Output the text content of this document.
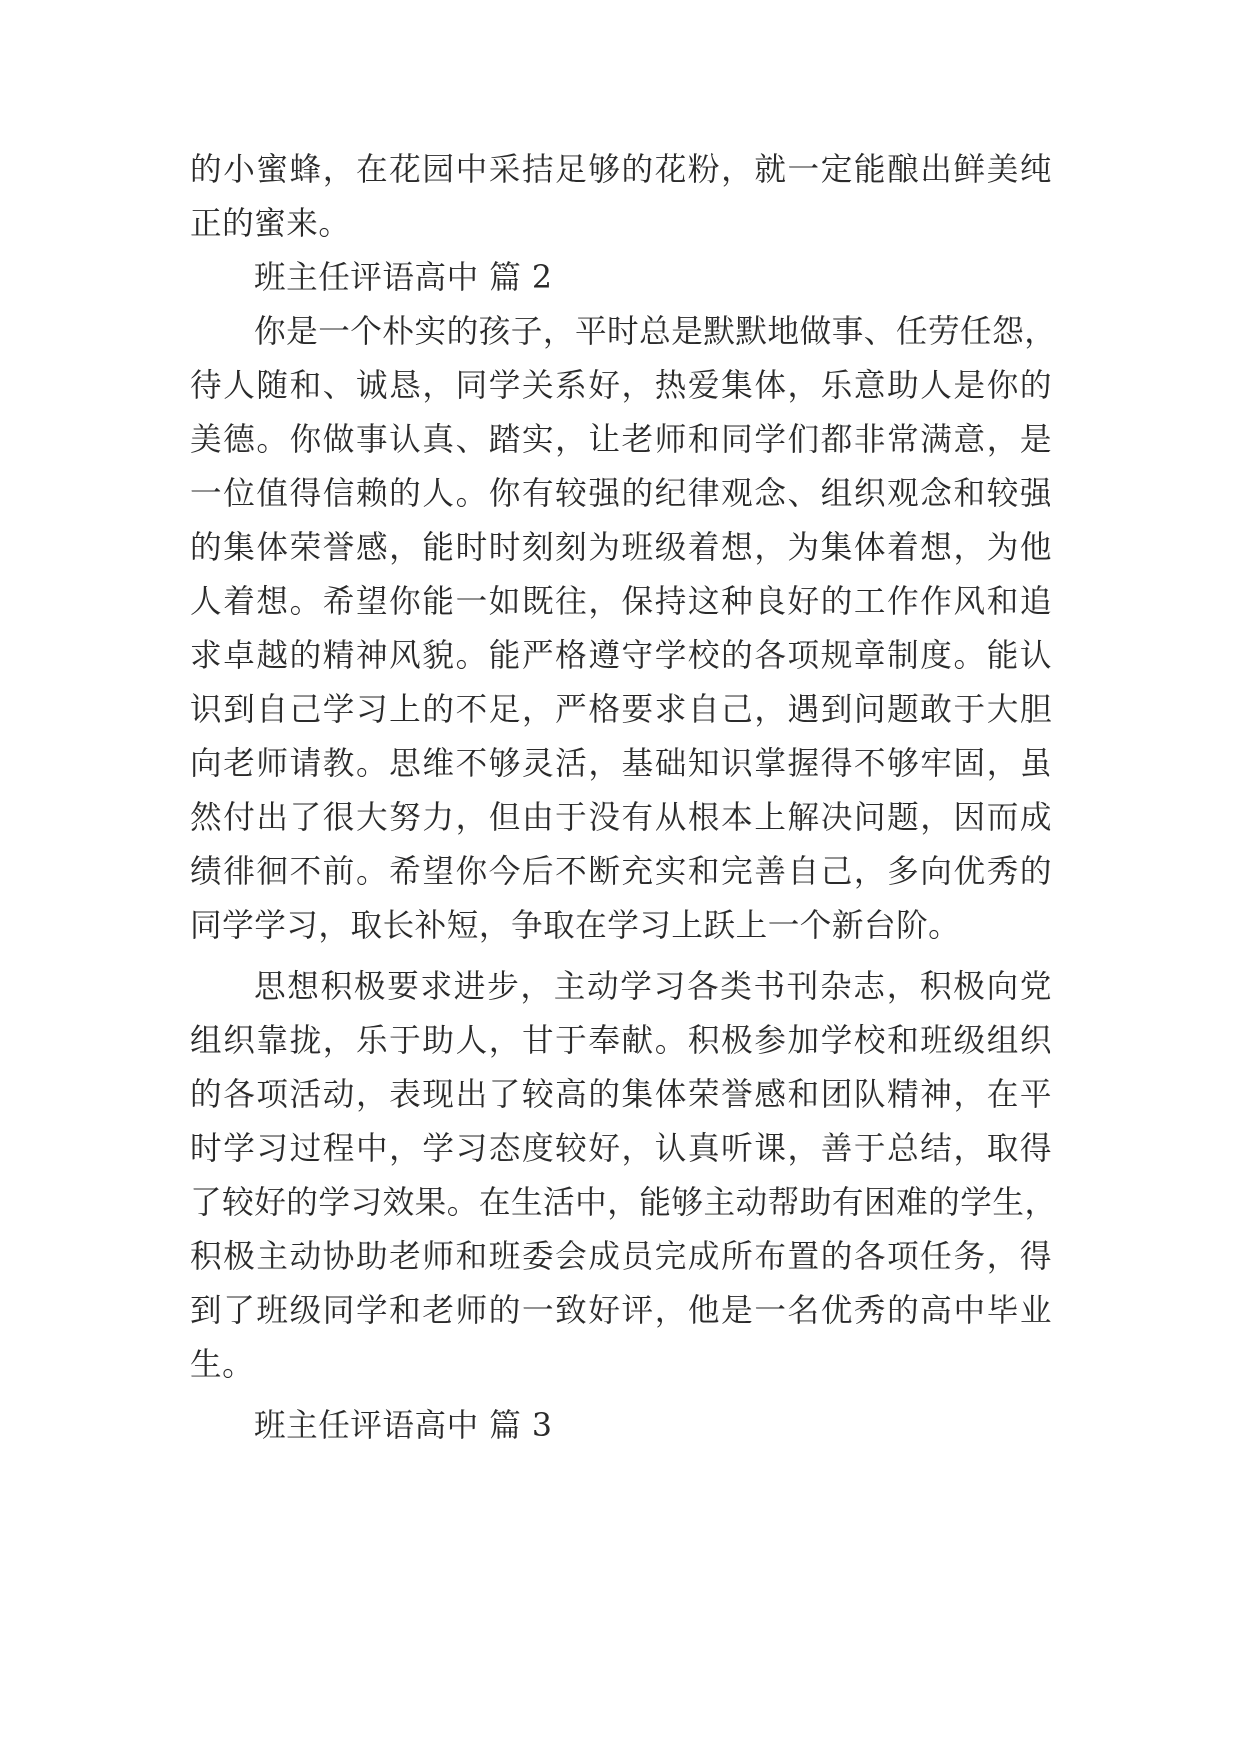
的小蜜蜂，在花园中采拮足够的花粉，就一定能酿出鲜美纯
正的蜜来。
班主任评语高中 篇 2
你是一个朴实的孩子，平时总是默默地做事、任劳任怨，
待人随和、诚恳，同学关系好，热爱集体，乐意助人是你的
美德。你做事认真、踏实，让老师和同学们都非常满意，是
一位值得信赖的人。你有较强的纪律观念、组织观念和较强
的集体荣誉感，能时时刻刻为班级着想，为集体着想，为他
人着想。希望你能一如既往，保持这种良好的工作作风和追
求卓越的精神风貌。能严格遵守学校的各项规章制度。能认
识到自己学习上的不足，严格要求自己，遇到问题敢于大胆
向老师请教。思维不够灵活，基础知识掌握得不够牢固，虽
然付出了很大努力，但由于没有从根本上解决问题，因而成
绩徘徊不前。希望你今后不断充实和完善自己，多向优秀的
同学学习，取长补短，争取在学习上跃上一个新台阶。
思想积极要求进步，主动学习各类书刊杂志，积极向党
组织靠拢，乐于助人，甘于奉献。积极参加学校和班级组织
的各项活动，表现出了较高的集体荣誉感和团队精神，在平
时学习过程中，学习态度较好，认真听课，善于总结，取得
了较好的学习效果。在生活中，能够主动帮助有困难的学生，
积极主动协助老师和班委会成员完成所布置的各项任务，得
到了班级同学和老师的一致好评，他是一名优秀的高中毕业
生。
班主任评语高中 篇 3
